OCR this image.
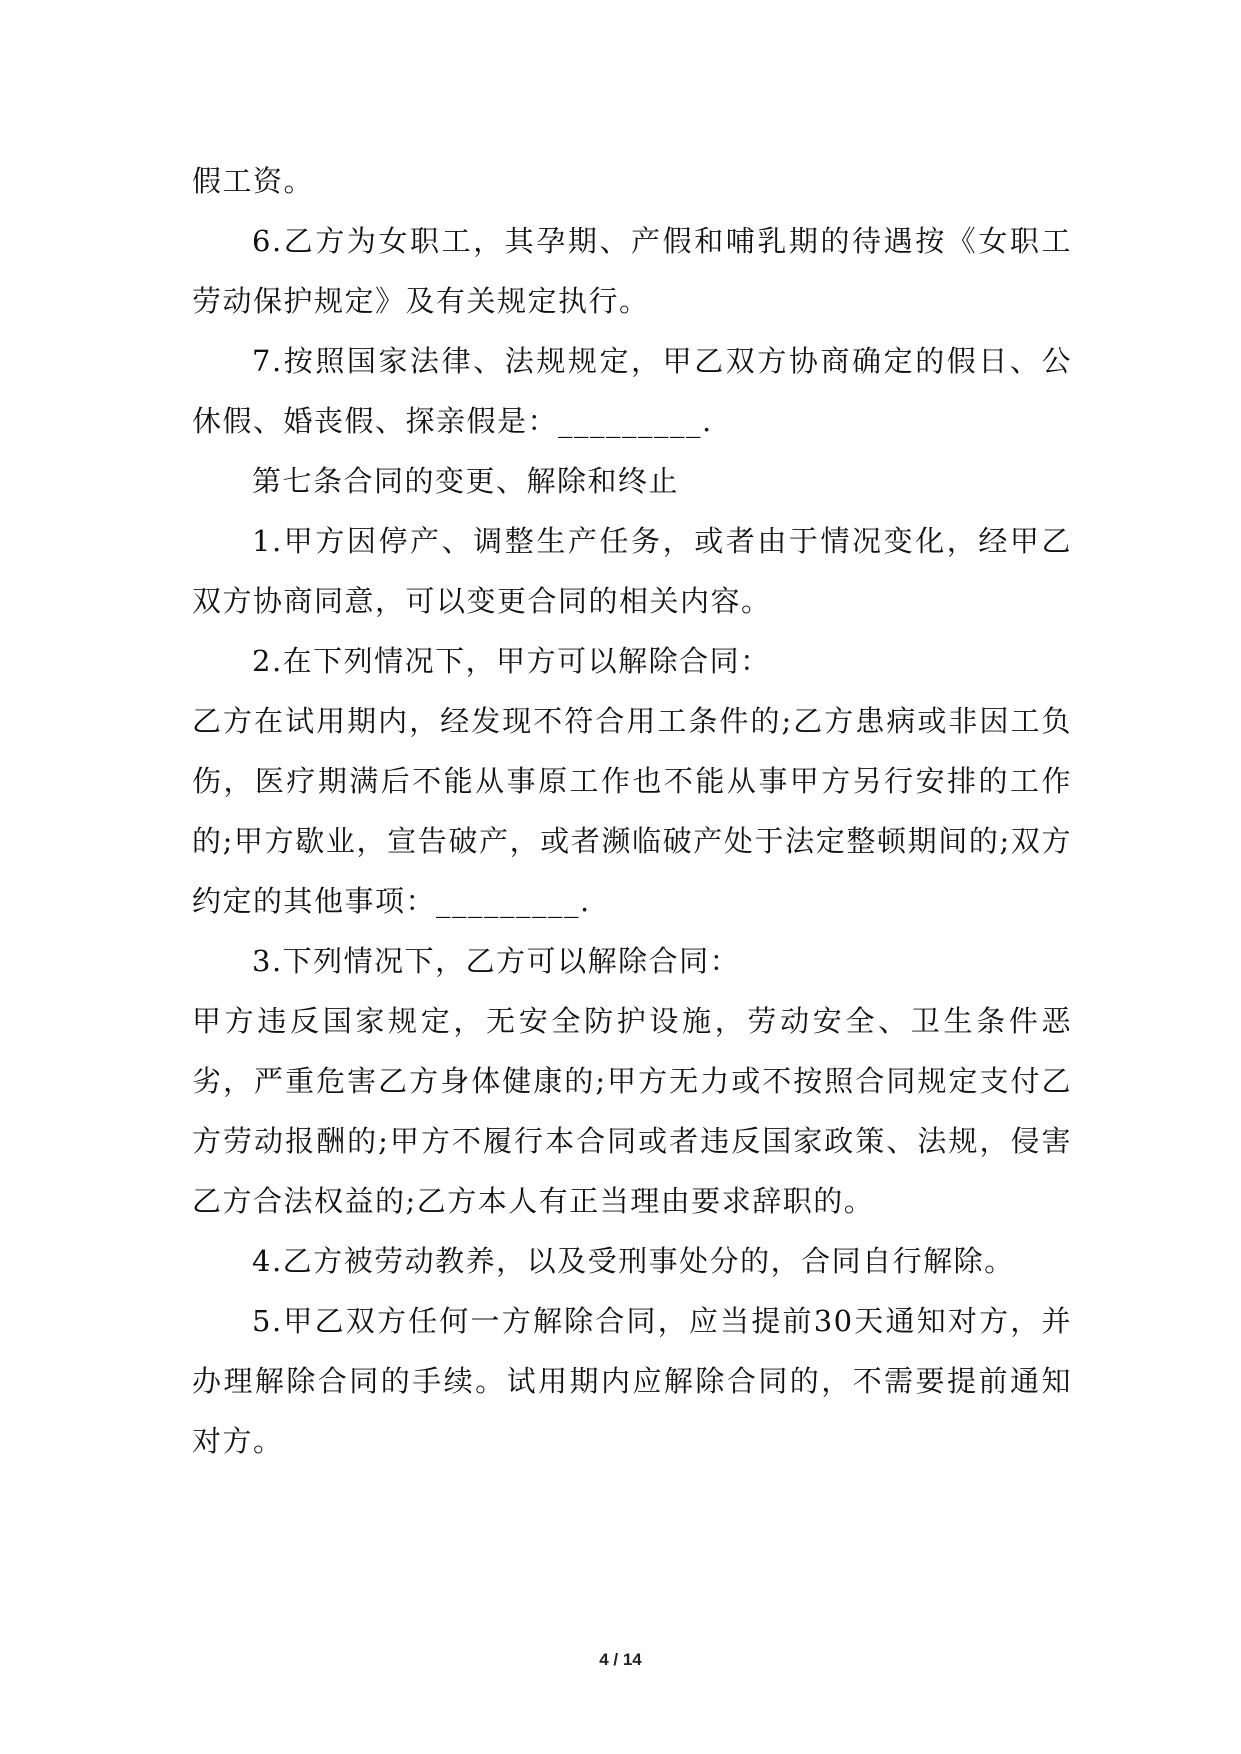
假工资。

6.乙方为女职工，其孕期、产假和哺乳期的待遇按《女职工劳动保护规定》及有关规定执行。

7.按照国家法律、法规规定，甲乙双方协商确定的假日、公休假、婚丧假、探亲假是：_________.

第七条合同的变更、解除和终止

1.甲方因停产、调整生产任务，或者由于情况变化，经甲乙双方协商同意，可以变更合同的相关内容。

2.在下列情况下，甲方可以解除合同：

乙方在试用期内，经发现不符合用工条件的;乙方患病或非因工负伤，医疗期满后不能从事原工作也不能从事甲方另行安排的工作的;甲方歇业，宣告破产，或者濒临破产处于法定整顿期间的;双方约定的其他事项：_________.

3.下列情况下，乙方可以解除合同：

甲方违反国家规定，无安全防护设施，劳动安全、卫生条件恶劣，严重危害乙方身体健康的;甲方无力或不按照合同规定支付乙方劳动报酬的;甲方不履行本合同或者违反国家政策、法规，侵害乙方合法权益的;乙方本人有正当理由要求辞职的。

4.乙方被劳动教养，以及受刑事处分的，合同自行解除。

5.甲乙双方任何一方解除合同，应当提前30天通知对方，并办理解除合同的手续。试用期内应解除合同的，不需要提前通知对方。

4 / 14
